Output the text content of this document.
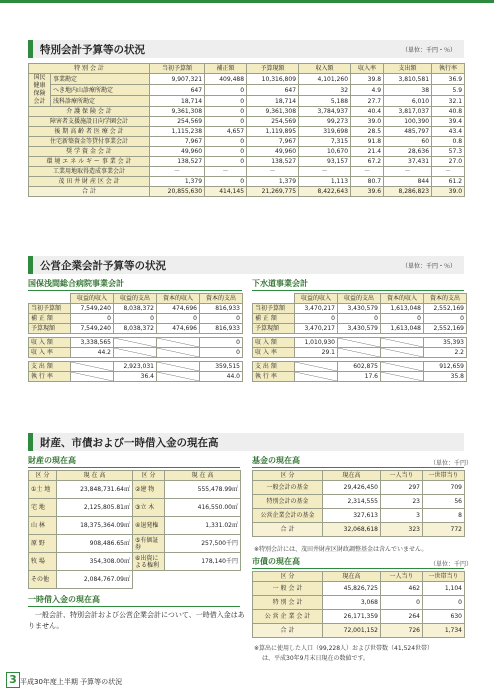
特別会計予算等の状況	（単位：千円・％）
特 別 会 計		当初予算額	補正額	予算現額	収入額	収入率	支出額	執行率
国民健康保険会計	事業勘定	9,907,321	409,488	10,316,809	4,101,260	39.8	3,810,581	36.9
	へき地内山診療所勘定	647	0	647	32	4.9	38	5.9
	浅科診療所勘定	18,714	0	18,714	5,188	27.7	6,010	32.1
介 護 保 険 会 計		9,361,308	0	9,361,308	3,784,937	40.4	3,817,037	40.8
障害者支援施設日向学園会計		254,569	0	254,569	99,273	39.0	100,390	39.4
後 期 高 齢 者 医 療 会 計		1,115,238	4,657	1,119,895	319,698	28.5	485,797	43.4
住宅新築資金等貸付事業会計		7,967	0	7,967	7,315	91.8	60	0.8
奨 学 資 金 会 計		49,960	0	49,960	10,670	21.4	28,636	57.3
環 境 エ ネ ル ギ ー 事 業 会 計		138,527	0	138,527	93,157	67.2	37,431	27.0
工業用地取得造成事業会計		－	－	－	－	－	－	－
茂 田 井 財 産 区 会 計		1,379	0	1,379	1,113	80.7	844	61.2
合 計		20,855,630	414,145	21,269,775	8,422,643	39.6	8,286,823	39.0
公営企業会計予算等の状況	（単位：千円・％）
国保浅間総合病院事業会計	下水道事業会計
	収益的収入	収益的支出	資本的収入	資本的支出
当初予算額	7,549,240	8,038,372	474,696	816,933
補 正 額	0	0	0	0
予算現額	7,549,240	8,038,372	474,696	816,933

収 入 額	3,338,565			0
収 入 率	44.2			0

支 出 額		2,923,031		359,515
執 行 率		36.4		44.0
	収益的収入	収益的支出	資本的収入	資本的支出
当初予算額	3,470,217	3,430,579	1,613,048	2,552,169
補 正 額	0	0	0	0
予算現額	3,470,217	3,430,579	1,613,048	2,552,169

収 入 額	1,010,930			35,393
収 入 率	29.1			2.2

支 出 額		602,875		912,659
執 行 率		17.6		35.8
財産、市債および一時借入金の現在高
財産の現在高
区 分	現 在 高	区 分	現 在 高
①土 地	23,848,731.64㎡	②建 物	555,478.99㎡
宅 地	2,125,805.81㎡	③立 木	416,550.00㎥
山 林	18,375,364.09㎡	④退発権	1,331.02㎡
原 野	908,486.65㎡	⑤有価証券	257,500千円
牧 場	354,308.00㎡	⑥出資による権利	178,140千円
その他	2,084,767.09㎡		
一時借入金の現在高
一般会計、特別会計および公営企業会計について、一時借入金はありません。
基金の現在高	（単位：千円）
区 分	現在高	一人当り	一世帯当り
一般会計の基金	29,426,450	297	709
特別会計の基金	2,314,555	23	56
公営企業会計の基金	327,613	3	8
合 計	32,068,618	323	772
※特別会計には、茂田井財産区財政調整基金は含んでいません。
市債の現在高	（単位：千円）
区 分	現在高	一人当り	一世帯当り
一 般 会 計	45,826,725	462	1,104
特 別 会 計	3,068	0	0
公 営 企 業 会 計	26,171,359	264	630
合 計	72,001,152	726	1,734
※算出に使用した人口（99,228人）および世帯数（41,524世帯）
は、平成30年9月末日現在の数値です。
3 平成30年度上半期 予算等の状況
